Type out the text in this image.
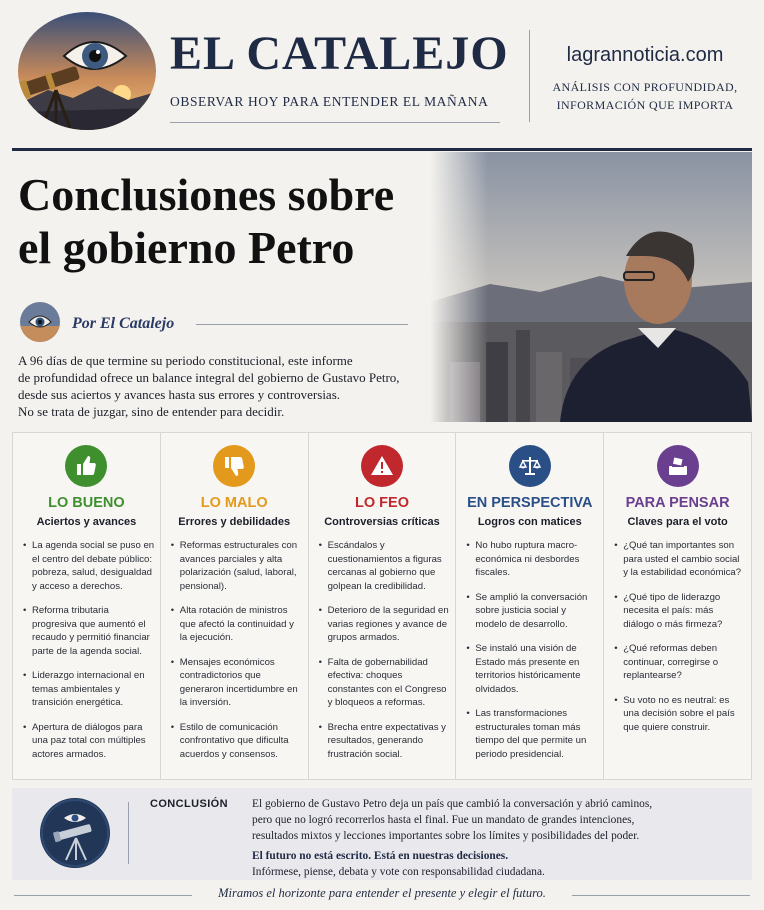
EL CATALEJO
OBSERVAR HOY PARA ENTENDER EL MAÑANA
lagrannoticia.com
ANÁLISIS CON PROFUNDIDAD,
INFORMACIÓN QUE IMPORTA
Conclusiones sobre
el gobierno Petro
Por El Catalejo

A 96 días de que termine su periodo constitucional, este informe

de profundidad ofrece un balance integral del gobierno de Gustavo Petro,

desde sus aciertos y avances hasta sus errores y controversias.

No se trata de juzgar, sino de entender para decidir.

LO BUENO
Aciertos y avances
• La agenda social se puso en el centro del debate público: pobreza, salud, desigualdad y acceso a derechos.
• Reforma tributaria progresiva que aumentó el recaudo y permitió financiar parte de la agenda social.
• Liderazgo internacional en temas ambientales y transición energética.
• Apertura de diálogos para una paz total con múltiples actores armados.
LO MALO
Errores y debilidades
• Reformas estructurales con avances parciales y alta polarización (salud, laboral, pensional).
• Alta rotación de ministros que afectó la continuidad y la ejecución.
• Mensajes económicos contradictorios que generaron incertidumbre en la inversión.
• Estilo de comunicación confrontativo que dificulta acuerdos y consensos.
LO FEO
Controversias críticas
• Escándalos y cuestionamientos a figuras cercanas al gobierno que golpean la credibilidad.
• Deterioro de la seguridad en varias regiones y avance de grupos armados.
• Falta de gobernabilidad efectiva: choques constantes con el Congreso y bloqueos a reformas.
• Brecha entre expectativas y resultados, generando frustración social.
EN PERSPECTIVA
Logros con matices
• No hubo ruptura macro-económica ni desbordes fiscales.
• Se amplió la conversación sobre justicia social y modelo de desarrollo.
• Se instaló una visión de Estado más presente en territorios históricamente olvidados.
• Las transformaciones estructurales toman más tiempo del que permite un periodo presidencial.
PARA PENSAR
Claves para el voto
• ¿Qué tan importantes son para usted el cambio social y la estabilidad económica?
• ¿Qué tipo de liderazgo necesita el país: más diálogo o más firmeza?
• ¿Qué reformas deben continuar, corregirse o replantearse?
• Su voto no es neutral: es una decisión sobre el país que quiere construir.
CONCLUSIÓN El gobierno de Gustavo Petro deja un país que cambió la conversación y abrió caminos,

pero que no logró recorrerlos hasta el final. Fue un mandato de grandes intenciones,

resultados mixtos y lecciones importantes sobre los límites y posibilidades del poder.

El futuro no está escrito. Está en nuestras decisiones.

Infórmese, piense, debata y vote con responsabilidad ciudadana.

Miramos el horizonte para entender el presente y elegir el futuro.
